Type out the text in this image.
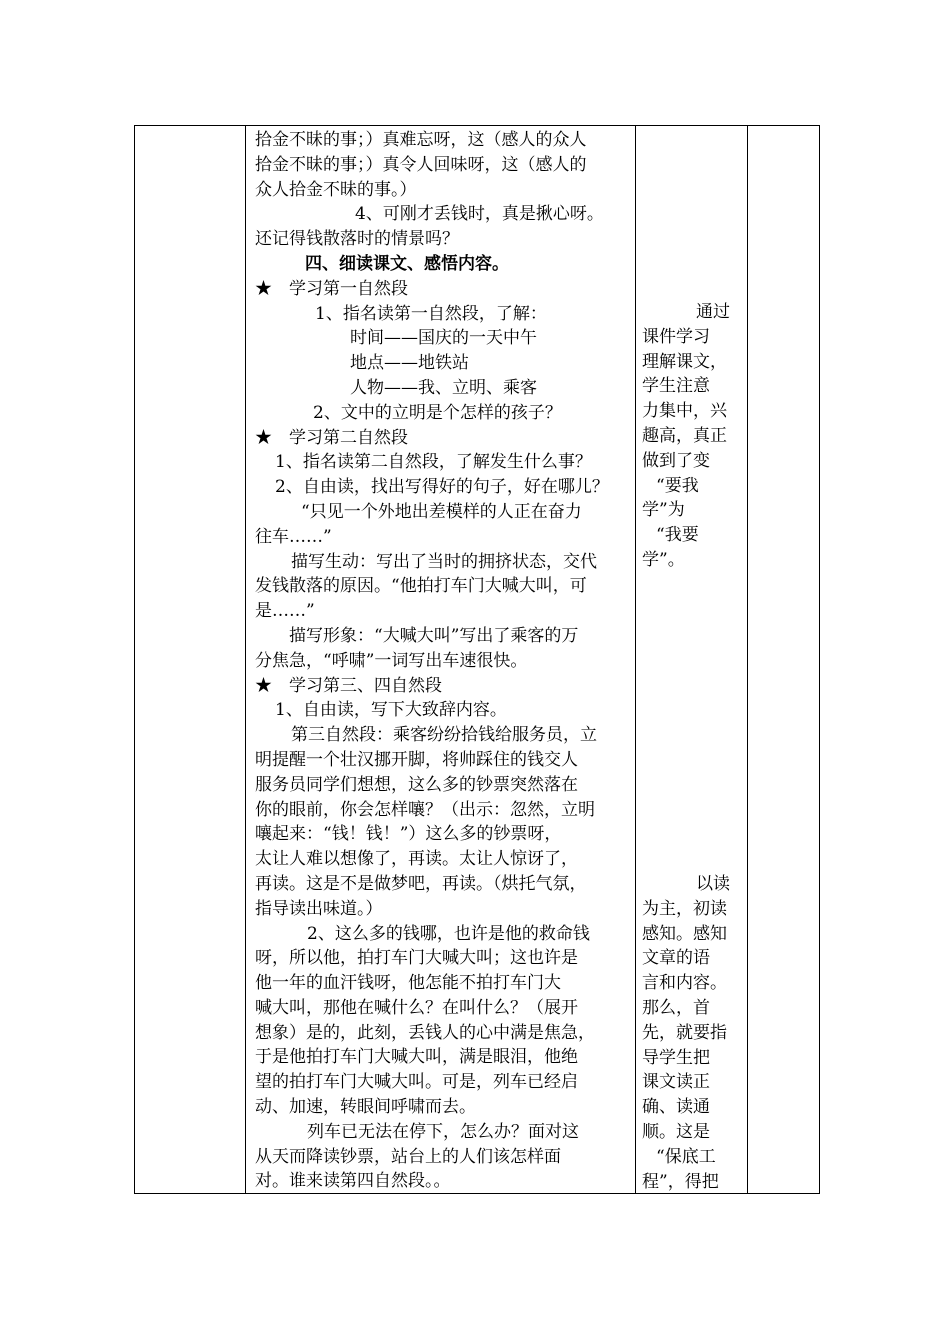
拾金不昧的事；）真难忘呀，这（感人的众人
拾金不昧的事；）真令人回味呀，这（感人的
众人拾金不昧的事。）
4、可刚才丢钱时，真是揪心呀。
还记得钱散落时的情景吗？
四、细读课文、感悟内容。
★　学习第一自然段
1、指名读第一自然段，了解：
时间——国庆的一天中午
地点——地铁站
人物——我、立明、乘客
2、文中的立明是个怎样的孩子？
★　学习第二自然段
1、指名读第二自然段，了解发生什么事？
2、自由读，找出写得好的句子，好在哪儿？
“只见一个外地出差模样的人正在奋力
往车……”
描写生动：写出了当时的拥挤状态，交代
发钱散落的原因。“他拍打车门大喊大叫，可
是……”
描写形象：“大喊大叫”写出了乘客的万
分焦急，“呼啸”一词写出车速很快。
★　学习第三、四自然段
1、自由读，写下大致辞内容。
第三自然段：乘客纷纷拾钱给服务员，立
明提醒一个壮汉挪开脚，将帅踩住的钱交人
服务员同学们想想，这么多的钞票突然落在
你的眼前，你会怎样嚷？（出示：忽然，立明
嚷起来：“钱！钱！”）这么多的钞票呀，
太让人难以想像了，再读。太让人惊讶了，
再读。这是不是做梦吧，再读。（烘托气氛，
指导读出味道。）
2、这么多的钱哪，也许是他的救命钱
呀，所以他，拍打车门大喊大叫；这也许是
他一年的血汗钱呀，他怎能不拍打车门大
喊大叫，那他在喊什么？在叫什么？（展开
想象）是的，此刻，丢钱人的心中满是焦急，
于是他拍打车门大喊大叫，满是眼泪，他绝
望的拍打车门大喊大叫。可是，列车已经启
动、加速，转眼间呼啸而去。
列车已无法在停下，怎么办？面对这
从天而降读钞票，站台上的人们该怎样面
对。谁来读第四自然段。。
通过
课件学习
理解课文，
学生注意
力集中，兴
趣高，真正
做到了变
“要我
学”为
“我要
学”。
以读
为主，初读
感知。感知
文章的语
言和内容。
那么，首
先，就要指
导学生把
课文读正
确、读通
顺。这是
“保底工
程”，得把
